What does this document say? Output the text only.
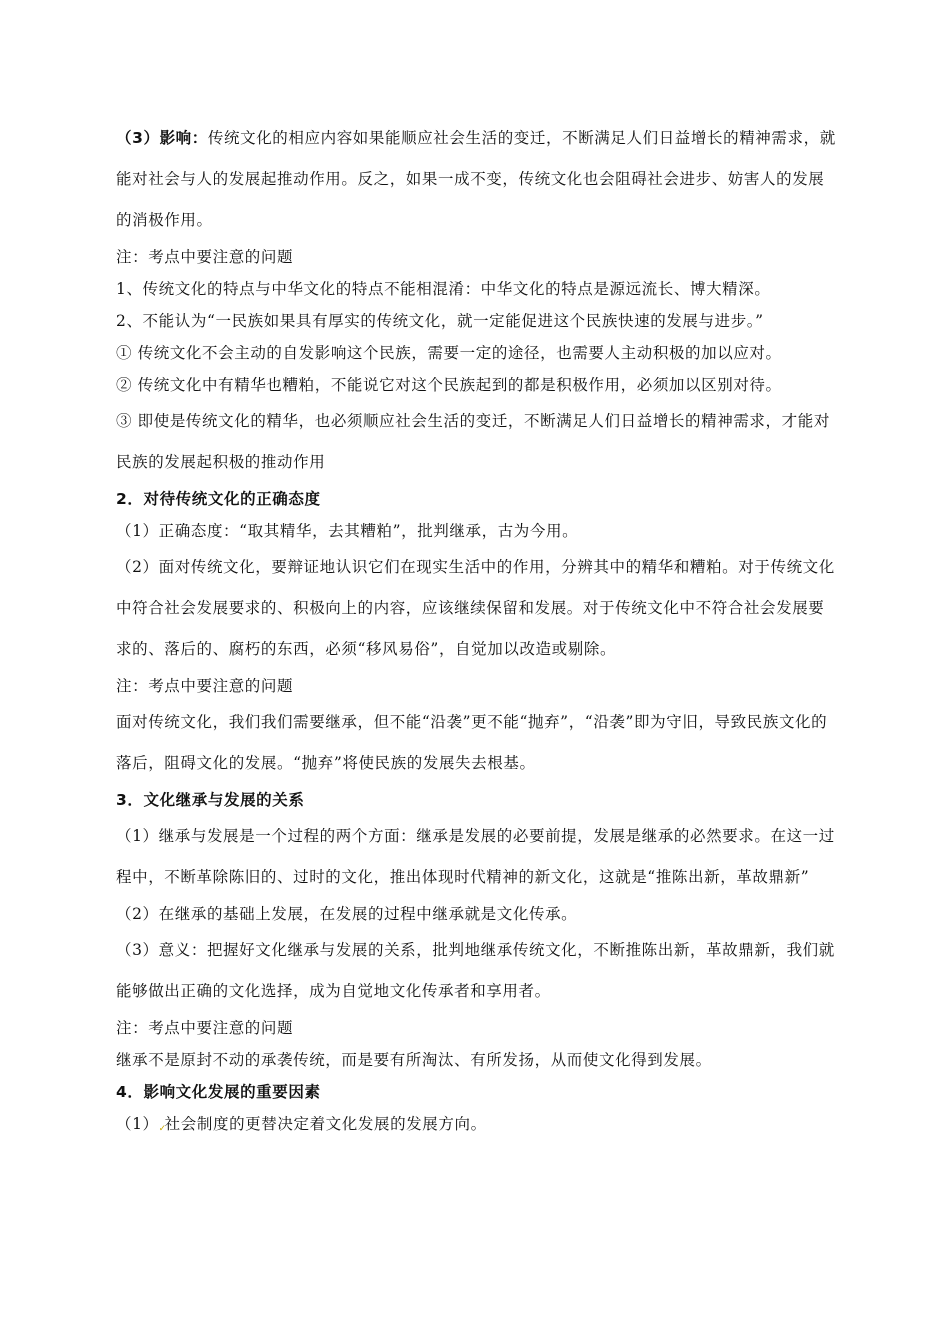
（3）影响：传统文化的相应内容如果能顺应社会生活的变迁，不断满足人们日益增长的精神需求，就能对社会与人的发展起推动作用。反之，如果一成不变，传统文化也会阻碍社会进步、妨害人的发展的消极作用。

注：考点中要注意的问题

1、传统文化的特点与中华文化的特点不能相混淆：中华文化的特点是源远流长、博大精深。

2、不能认为“一民族如果具有厚实的传统文化，就一定能促进这个民族快速的发展与进步。”

① 传统文化不会主动的自发影响这个民族，需要一定的途径，也需要人主动积极的加以应对。

② 传统文化中有精华也糟粕，不能说它对这个民族起到的都是积极作用，必须加以区别对待。

③ 即使是传统文化的精华，也必须顺应社会生活的变迁，不断满足人们日益增长的精神需求，才能对民族的发展起积极的推动作用

2．对待传统文化的正确态度

（1）正确态度：“取其精华，去其糟粕”，批判继承，古为今用。

（2）面对传统文化，要辩证地认识它们在现实生活中的作用，分辨其中的精华和糟粕。对于传统文化中符合社会发展要求的、积极向上的内容，应该继续保留和发展。对于传统文化中不符合社会发展要求的、落后的、腐朽的东西，必须“移风易俗”，自觉加以改造或剔除。

注：考点中要注意的问题

面对传统文化，我们我们需要继承，但不能“沿袭”更不能“抛弃”，“沿袭”即为守旧，导致民族文化的落后，阻碍文化的发展。“抛弃”将使民族的发展失去根基。

3．文化继承与发展的关系

（1）继承与发展是一个过程的两个方面：继承是发展的必要前提，发展是继承的必然要求。在这一过程中，不断革除陈旧的、过时的文化，推出体现时代精神的新文化，这就是“推陈出新，革故鼎新”

（2）在继承的基础上发展，在发展的过程中继承就是文化传承。

（3）意义：把握好文化继承与发展的关系，批判地继承传统文化，不断推陈出新，革故鼎新，我们就能够做出正确的文化选择，成为自觉地文化传承者和享用者。

注：考点中要注意的问题

继承不是原封不动的承袭传统，而是要有所淘汰、有所发扬，从而使文化得到发展。

4．影响文化发展的重要因素

（1）✓社会制度的更替决定着文化发展的发展方向。
